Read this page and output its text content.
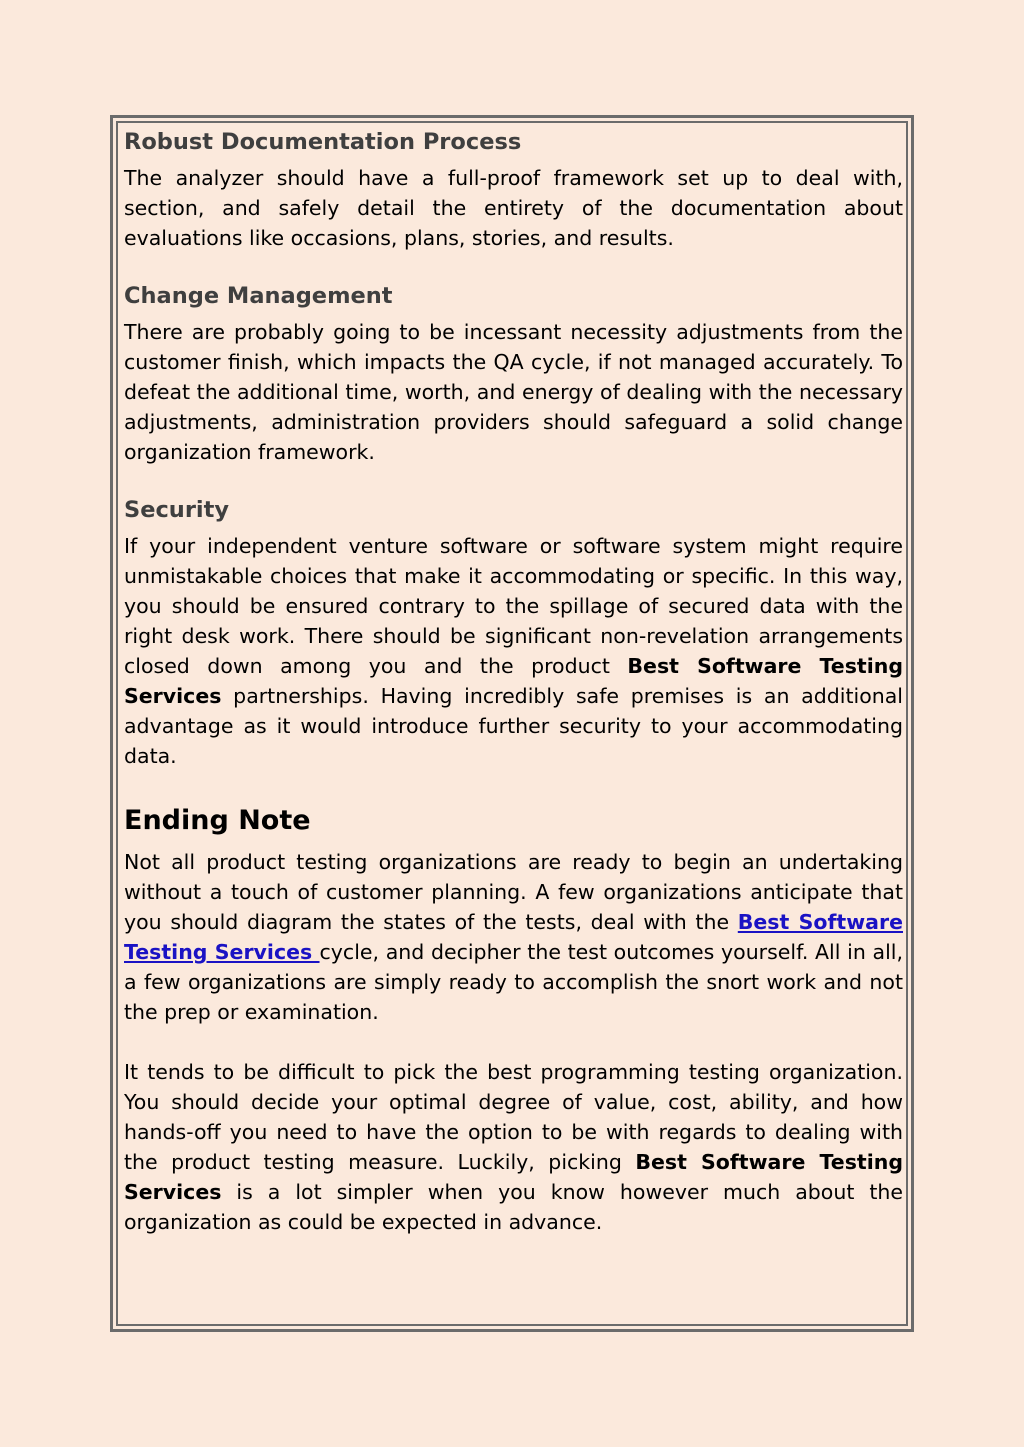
Robust Documentation Process

The analyzer should have a full-proof framework set up to deal with, section, and safely detail the entirety of the documentation about evaluations like occasions, plans, stories, and results.

Change Management

There are probably going to be incessant necessity adjustments from the customer finish, which impacts the QA cycle, if not managed accurately. To defeat the additional time, worth, and energy of dealing with the necessary adjustments, administration providers should safeguard a solid change organization framework.

Security

If your independent venture software or software system might require unmistakable choices that make it accommodating or specific. In this way, you should be ensured contrary to the spillage of secured data with the right desk work. There should be significant non-revelation arrangements closed down among you and the product Best Software Testing Services partnerships. Having incredibly safe premises is an additional advantage as it would introduce further security to your accommodating data.

Ending Note

Not all product testing organizations are ready to begin an undertaking without a touch of customer planning. A few organizations anticipate that you should diagram the states of the tests, deal with the Best Software Testing Services cycle, and decipher the test outcomes yourself. All in all, a few organizations are simply ready to accomplish the snort work and not the prep or examination.

It tends to be difficult to pick the best programming testing organization. You should decide your optimal degree of value, cost, ability, and how hands-off you need to have the option to be with regards to dealing with the product testing measure. Luckily, picking Best Software Testing Services is a lot simpler when you know however much about the organization as could be expected in advance.
